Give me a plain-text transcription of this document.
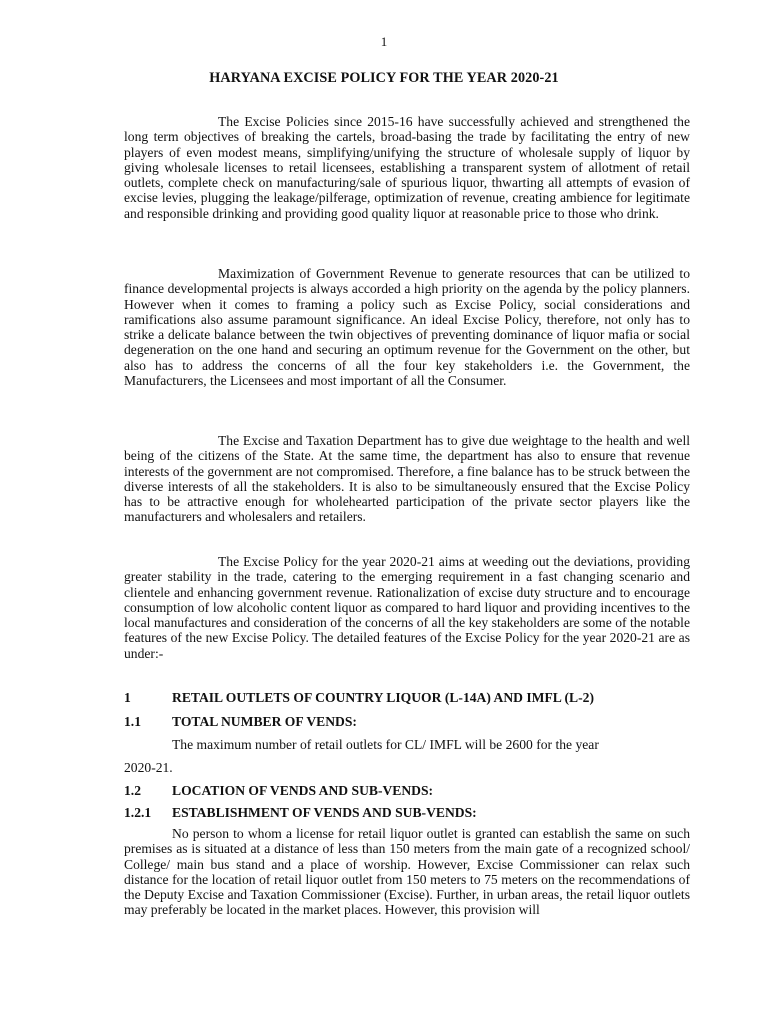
1
HARYANA EXCISE POLICY FOR THE YEAR 2020-21

The Excise Policies since 2015-16 have successfully achieved and strengthened the long term objectives of breaking the cartels, broad-basing the trade by facilitating the entry of new players of even modest means, simplifying/unifying the structure of wholesale supply of liquor by giving wholesale licenses to retail licensees, establishing a transparent system of allotment of retail outlets, complete check on manufacturing/sale of spurious liquor, thwarting all attempts of evasion of excise levies, plugging the leakage/pilferage, optimization of revenue, creating ambience for legitimate and responsible drinking and providing good quality liquor at reasonable price to those who drink.

Maximization of Government Revenue to generate resources that can be utilized to finance developmental projects is always accorded a high priority on the agenda by the policy planners. However when it comes to framing a policy such as Excise Policy, social considerations and ramifications also assume paramount significance. An ideal Excise Policy, therefore, not only has to strike a delicate balance between the twin objectives of preventing dominance of liquor mafia or social degeneration on the one hand and securing an optimum revenue for the Government on the other, but also has to address the concerns of all the four key stakeholders i.e. the Government, the Manufacturers, the Licensees and most important of all the Consumer.

The Excise and Taxation Department has to give due weightage to the health and well being of the citizens of the State. At the same time, the department has also to ensure that revenue interests of the government are not compromised. Therefore, a fine balance has to be struck between the diverse interests of all the stakeholders. It is also to be simultaneously ensured that the Excise Policy has to be attractive enough for wholehearted participation of the private sector players like the manufacturers and wholesalers and retailers.

The Excise Policy for the year 2020-21 aims at weeding out the deviations, providing greater stability in the trade, catering to the emerging requirement in a fast changing scenario and clientele and enhancing government revenue. Rationalization of excise duty structure and to encourage consumption of low alcoholic content liquor as compared to hard liquor and providing incentives to the local manufactures and consideration of the concerns of all the key stakeholders are some of the notable features of the new Excise Policy. The detailed features of the Excise Policy for the year 2020-21 are as under:-

1	RETAIL OUTLETS OF COUNTRY LIQUOR (L-14A) AND IMFL (L-2)
1.1 TOTAL NUMBER OF VENDS:
The maximum number of retail outlets for CL/ IMFL will be 2600 for the year
2020-21.
1.2 LOCATION OF VENDS AND SUB-VENDS:
1.2.1 ESTABLISHMENT OF VENDS AND SUB-VENDS:

No person to whom a license for retail liquor outlet is granted can establish the same on such premises as is situated at a distance of less than 150 meters from the main gate of a recognized school/ College/ main bus stand and a place of worship. However, Excise Commissioner can relax such distance for the location of retail liquor outlet from 150 meters to 75 meters on the recommendations of the Deputy Excise and Taxation Commissioner (Excise). Further, in urban areas, the retail liquor outlets may preferably be located in the market places. However, this provision will
